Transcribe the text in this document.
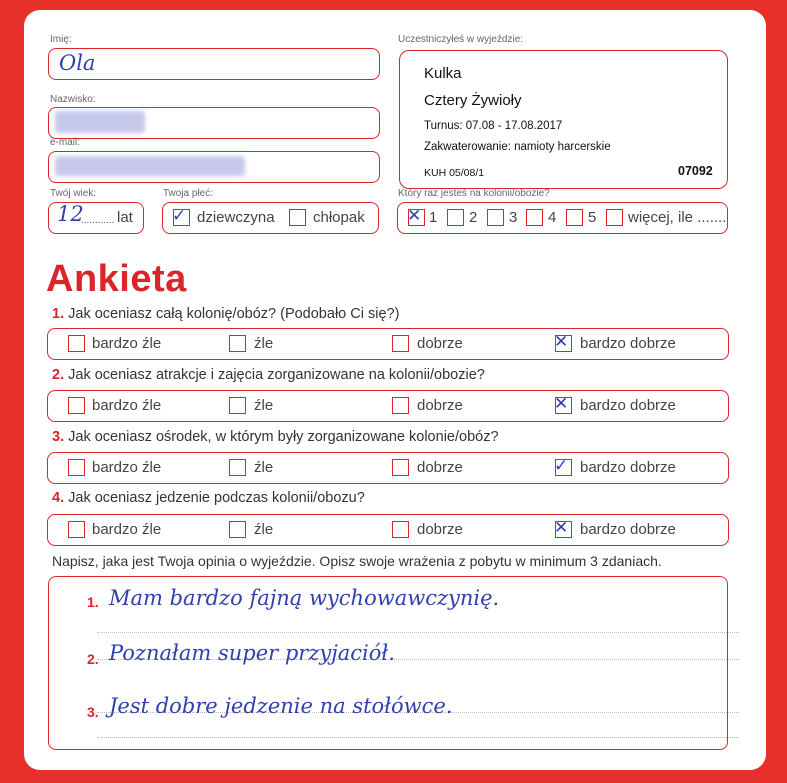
Imię:
Ola
Nazwisko:
e-mail:
Twój wiek:
12
............ lat
Twoja płeć:
✓ dziewczyna	chłopak
Uczestniczyłeś w wyjeździe:
Kulka
Cztery Żywioły
Turnus: 07.08 - 17.08.2017
Zakwaterowanie: namioty harcerskie
KUH 05/08/1	07092
Który raz jesteś na kolonii/obozie?
✕ 1 2 3 4 5 więcej, ile .......
Ankieta
1. Jak oceniasz całą kolonię/obóz? (Podobało Ci się?)
bardzo źle	źle	dobrze	✕ bardzo dobrze
2. Jak oceniasz atrakcje i zajęcia zorganizowane na kolonii/obozie?
bardzo źle	źle	dobrze	✕ bardzo dobrze
3. Jak oceniasz ośrodek, w którym były zorganizowane kolonie/obóz?
bardzo źle	źle	dobrze	✓ bardzo dobrze
4. Jak oceniasz jedzenie podczas kolonii/obozu?
bardzo źle	źle	dobrze	✕ bardzo dobrze
Napisz, jaka jest Twoja opinia o wyjeździe. Opisz swoje wrażenia z pobytu w minimum 3 zdaniach.
1. Mam bardzo fajną wychowawczynię.
2. Poznałam super przyjaciół.
3. Jest dobre jedzenie na stołówce.
